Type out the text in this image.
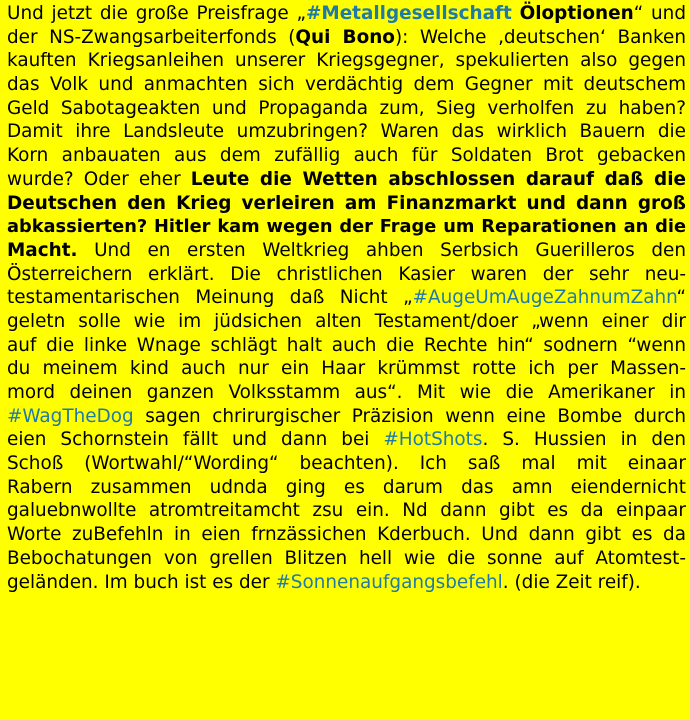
Und jetzt die große Preisfrage „#Metallgesellschaft Öloptionen“ und
der NS-Zwangsarbeiterfonds (Qui Bono): Welche ‚deutschen‘ Banken
kauften Kriegsanleihen unserer Kriegsgegner, spekulierten also gegen
das Volk und anmachten sich verdächtig dem Gegner mit deutschem
Geld Sabotageakten und Propaganda zum, Sieg verholfen zu haben?
Damit ihre Landsleute umzubringen? Waren das wirklich Bauern die
Korn anbauaten aus dem zufällig auch für Soldaten Brot gebacken
wurde? Oder eher Leute die Wetten abschlossen darauf daß die
Deutschen den Krieg verleiren am Finanzmarkt und dann groß
abkassierten? Hitler kam wegen der Frage um Reparationen an die
Macht. Und en ersten Weltkrieg ahben Serbsich Guerilleros den
Österreichern erklärt. Die christlichen Kasier waren der sehr neu-
testamentarischen Meinung daß Nicht „#AugeUmAugeZahnumZahn“
geletn solle wie im jüdsichen alten Testament/doer „wenn einer dir
auf die linke Wnage schlägt halt auch die Rechte hin“ sodnern “wenn
du meinem kind auch nur ein Haar krümmst rotte ich per Massen-
mord deinen ganzen Volksstamm aus“. Mit wie die Amerikaner in
#WagTheDog sagen chrirurgischer Präzision wenn eine Bombe durch
eien Schornstein fällt und dann bei #HotShots. S. Hussien in den
Schoß (Wortwahl/“Wording“ beachten). Ich saß mal mit einaar
Rabern zusammen udnda ging es darum das amn eiendernicht
galuebnwollte atromtreitamcht zsu ein. Nd dann gibt es da einpaar
Worte zuBefehln in eien frnzässichen Kderbuch. Und dann gibt es da
Bebochatungen von grellen Blitzen hell wie die sonne auf Atomtest-
geländen. Im buch ist es der #Sonnenaufgangsbefehl. (die Zeit reif).
